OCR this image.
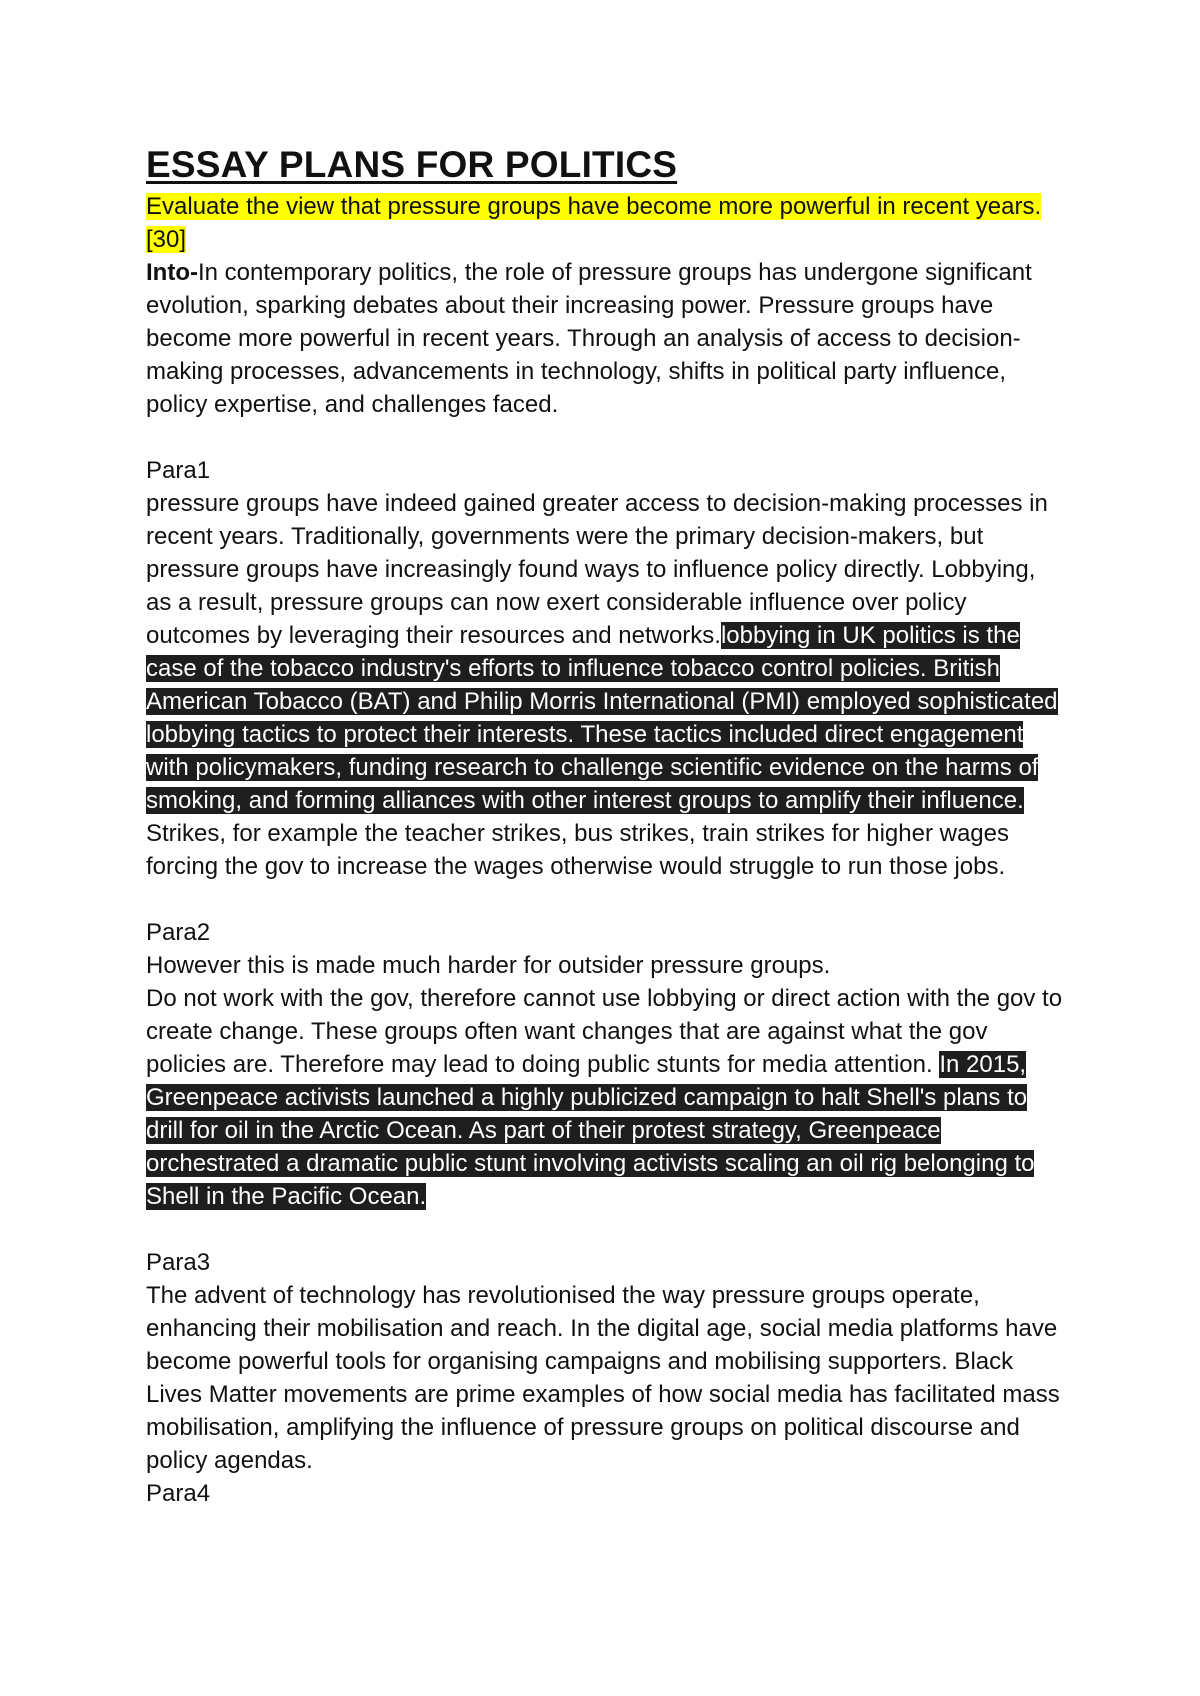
ESSAY PLANS FOR POLITICS

Evaluate the view that pressure groups have become more powerful in recent years. [30]

Into-In contemporary politics, the role of pressure groups has undergone significant evolution, sparking debates about their increasing power. Pressure groups have become more powerful in recent years. Through an analysis of access to decision-making processes, advancements in technology, shifts in political party influence, policy expertise, and challenges faced.

Para1

pressure groups have indeed gained greater access to decision-making processes in recent years. Traditionally, governments were the primary decision-makers, but pressure groups have increasingly found ways to influence policy directly. Lobbying, as a result, pressure groups can now exert considerable influence over policy outcomes by leveraging their resources and networks.lobbying in UK politics is the case of the tobacco industry's efforts to influence tobacco control policies. British American Tobacco (BAT) and Philip Morris International (PMI) employed sophisticated lobbying tactics to protect their interests. These tactics included direct engagement with policymakers, funding research to challenge scientific evidence on the harms of smoking, and forming alliances with other interest groups to amplify their influence.

Strikes, for example the teacher strikes, bus strikes, train strikes for higher wages forcing the gov to increase the wages otherwise would struggle to run those jobs.

Para2

However this is made much harder for outsider pressure groups.

Do not work with the gov, therefore cannot use lobbying or direct action with the gov to create change. These groups often want changes that are against what the gov policies are. Therefore may lead to doing public stunts for media attention. In 2015, Greenpeace activists launched a highly publicized campaign to halt Shell's plans to drill for oil in the Arctic Ocean. As part of their protest strategy, Greenpeace orchestrated a dramatic public stunt involving activists scaling an oil rig belonging to Shell in the Pacific Ocean.

Para3

The advent of technology has revolutionised the way pressure groups operate, enhancing their mobilisation and reach. In the digital age, social media platforms have become powerful tools for organising campaigns and mobilising supporters. Black Lives Matter movements are prime examples of how social media has facilitated mass mobilisation, amplifying the influence of pressure groups on political discourse and policy agendas.

Para4
